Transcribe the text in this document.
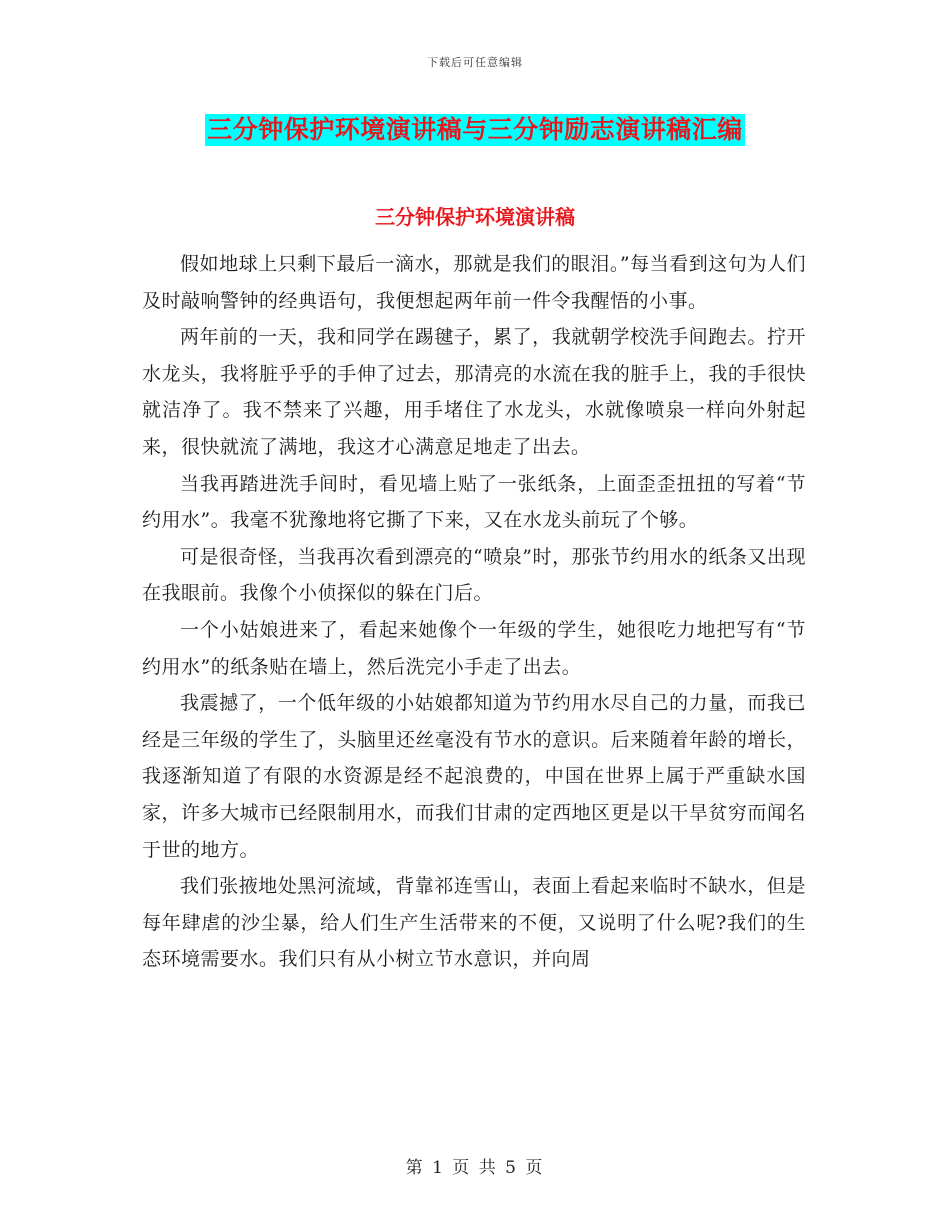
下载后可任意编辑
三分钟保护环境演讲稿与三分钟励志演讲稿汇编
三分钟保护环境演讲稿

假如地球上只剩下最后一滴水，那就是我们的眼泪。”每当看到这句为人们及时敲响警钟的经典语句，我便想起两年前一件令我醒悟的小事。

两年前的一天，我和同学在踢毽子，累了，我就朝学校洗手间跑去。拧开水龙头，我将脏乎乎的手伸了过去，那清亮的水流在我的脏手上，我的手很快就洁净了。我不禁来了兴趣，用手堵住了水龙头，水就像喷泉一样向外射起来，很快就流了满地，我这才心满意足地走了出去。

当我再踏进洗手间时，看见墙上贴了一张纸条，上面歪歪扭扭的写着“节约用水”。我毫不犹豫地将它撕了下来，又在水龙头前玩了个够。

可是很奇怪，当我再次看到漂亮的“喷泉”时，那张节约用水的纸条又出现在我眼前。我像个小侦探似的躲在门后。

一个小姑娘进来了，看起来她像个一年级的学生，她很吃力地把写有“节约用水”的纸条贴在墙上，然后洗完小手走了出去。

我震撼了，一个低年级的小姑娘都知道为节约用水尽自己的力量，而我已经是三年级的学生了，头脑里还丝毫没有节水的意识。后来随着年龄的增长，我逐渐知道了有限的水资源是经不起浪费的，中国在世界上属于严重缺水国家，许多大城市已经限制用水，而我们甘肃的定西地区更是以干旱贫穷而闻名于世的地方。

我们张掖地处黑河流域，背靠祁连雪山，表面上看起来临时不缺水，但是每年肆虐的沙尘暴，给人们生产生活带来的不便，又说明了什么呢?我们的生态环境需要水。我们只有从小树立节水意识，并向周

第 1 页 共 5 页
